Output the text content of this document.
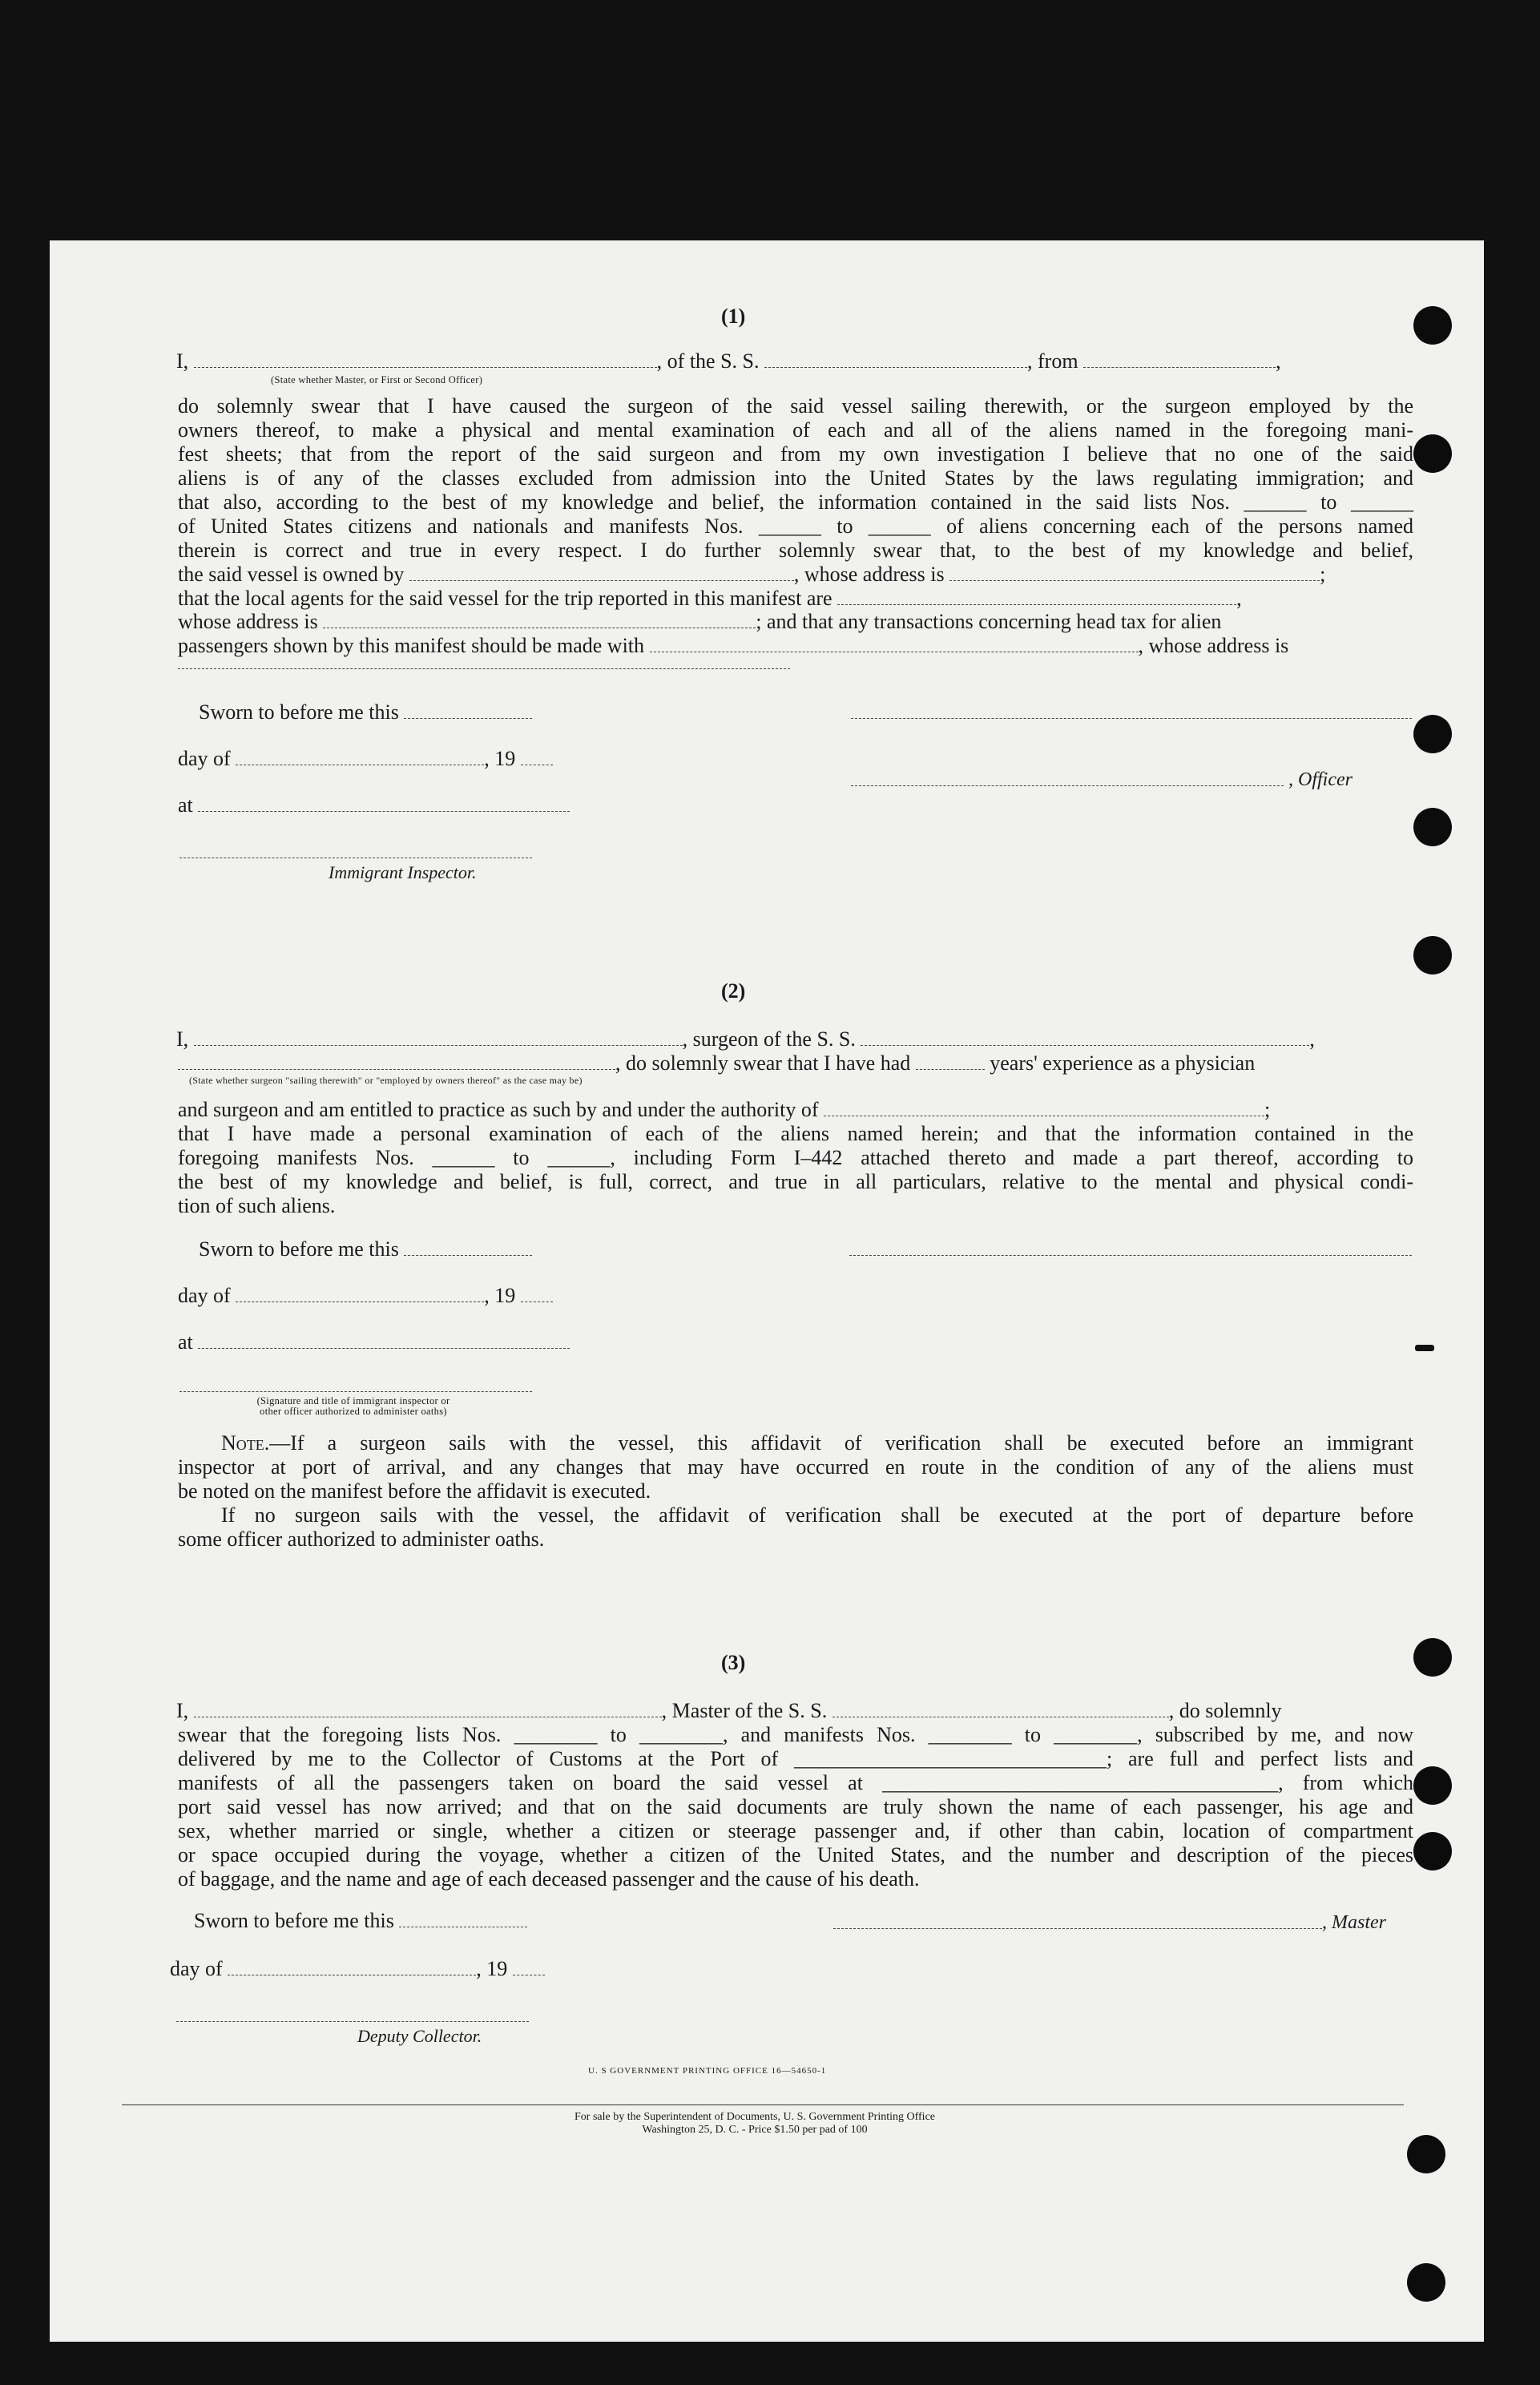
(1)
I,	, of the S. S.	, from	,
(State whether Master, or First or Second Officer)
do solemnly swear that I have caused the surgeon of the said vessel sailing therewith, or the surgeon employed by the
owners thereof, to make a physical and mental examination of each and all of the aliens named in the foregoing mani-
fest sheets; that from the report of the said surgeon and from my own investigation I believe that no one of the said
aliens is of any of the classes excluded from admission into the United States by the laws regulating immigration; and
that also, according to the best of my knowledge and belief, the information contained in the said lists Nos. ______ to ______
of United States citizens and nationals and manifests Nos. ______ to ______ of aliens concerning each of the persons named
therein is correct and true in every respect. I do further solemnly swear that, to the best of my knowledge and belief,
the said vessel is owned by	, whose address is	;
that the local agents for the said vessel for the trip reported in this manifest are	,
whose address is	; and that any transactions concerning head tax for alien
passengers shown by this manifest should be made with	, whose address is
Sworn to before me this
day of	, 19
, Officer
at
Immigrant Inspector.
(2)
I,	, surgeon of the S. S.	,
, do solemnly swear that I have had	years' experience as a physician
(State whether surgeon "sailing therewith" or "employed by owners thereof" as the case may be)
and surgeon and am entitled to practice as such by and under the authority of	;
that I have made a personal examination of each of the aliens named herein; and that the information contained in the
foregoing manifests Nos. ______ to ______, including Form I–442 attached thereto and made a part thereof, according to
the best of my knowledge and belief, is full, correct, and true in all particulars, relative to the mental and physical condi-
tion of such aliens.
Sworn to before me this
day of	, 19
at
(Signature and title of immigrant inspector or
other officer authorized to administer oaths)
Note.—If a surgeon sails with the vessel, this affidavit of verification shall be executed before an immigrant
inspector at port of arrival, and any changes that may have occurred en route in the condition of any of the aliens must
be noted on the manifest before the affidavit is executed.
If no surgeon sails with the vessel, the affidavit of verification shall be executed at the port of departure before
some officer authorized to administer oaths.
(3)
I,	, Master of the S. S.	, do solemnly
swear that the foregoing lists Nos. ________ to ________, and manifests Nos. ________ to ________, subscribed by me, and now
delivered by me to the Collector of Customs at the Port of ______________________________; are full and perfect lists and
manifests of all the passengers taken on board the said vessel at ______________________________________, from which
port said vessel has now arrived; and that on the said documents are truly shown the name of each passenger, his age and
sex, whether married or single, whether a citizen or steerage passenger and, if other than cabin, location of compartment
or space occupied during the voyage, whether a citizen of the United States, and the number and description of the pieces
of baggage, and the name and age of each deceased passenger and the cause of his death.
Sworn to before me this	, Master
day of	, 19
Deputy Collector.
U. S GOVERNMENT PRINTING OFFICE 16—54650-1
For sale by the Superintendent of Documents, U. S. Government Printing Office
Washington 25, D. C. - Price $1.50 per pad of 100
